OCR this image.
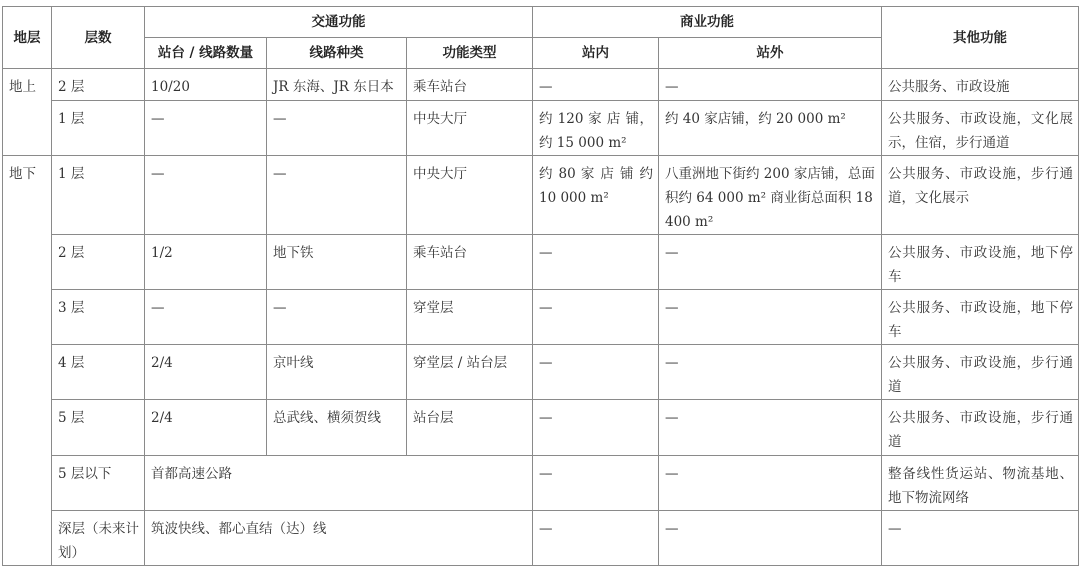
地层	层数	交通功能			商业功能		其他功能
		站台 / 线路数量	线路种类	功能类型	站内	站外	
地上	2 层	10/20	JR 东海、JR 东日本	乘车站台	—	—	公共服务、市政设施
	1 层	—	—	中央大厅	约 120 家 店 铺，约 15 000 m²	约 40 家店铺，约 20 000 m²	公共服务、市政设施，文化展示，住宿，步行通道
地下	1 层	—	—	中央大厅	约 80 家 店 铺 约 10 000 m²	八重洲地下街约 200 家店铺，总面积约 64 000 m² 商业街总面积 18 400 m²	公共服务、市政设施，步行通道，文化展示
	2 层	1/2	地下铁	乘车站台	—	—	公共服务、市政设施，地下停车
	3 层	—	—	穿堂层	—	—	公共服务、市政设施，地下停车
	4 层	2/4	京叶线	穿堂层 / 站台层	—	—	公共服务、市政设施，步行通道
	5 层	2/4	总武线、横须贺线	站台层	—	—	公共服务、市政设施，步行通道
	5 层以下	首都高速公路			—	—	整备线性货运站、物流基地、地下物流网络
	深层（未来计划）	筑波快线、都心直结（达）线			—	—	—
